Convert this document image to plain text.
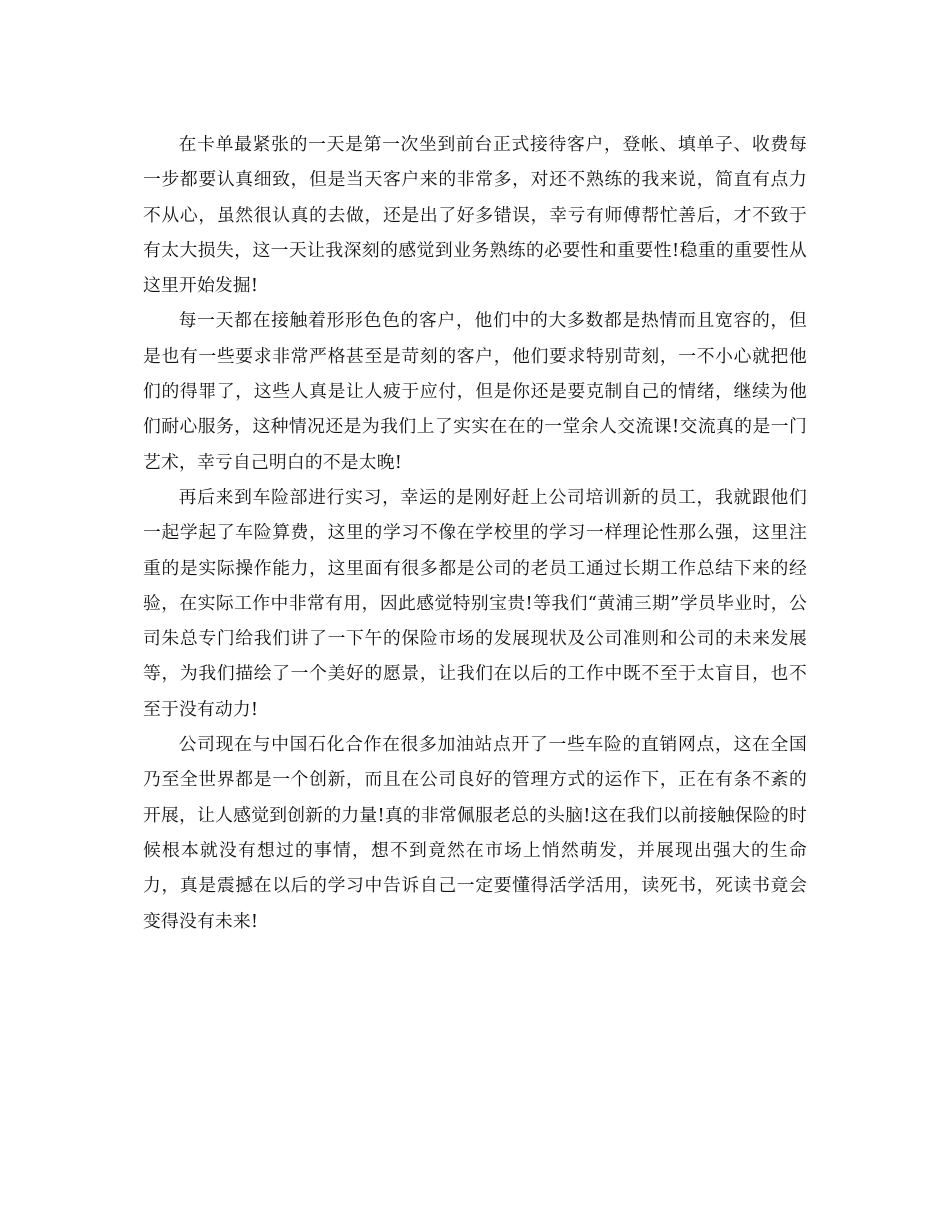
在卡单最紧张的一天是第一次坐到前台正式接待客户，登帐、填单子、收费每一步都要认真细致，但是当天客户来的非常多，对还不熟练的我来说，简直有点力不从心，虽然很认真的去做，还是出了好多错误，幸亏有师傅帮忙善后，才不致于有太大损失，这一天让我深刻的感觉到业务熟练的必要性和重要性!稳重的重要性从这里开始发掘!

每一天都在接触着形形色色的客户，他们中的大多数都是热情而且宽容的，但是也有一些要求非常严格甚至是苛刻的客户，他们要求特别苛刻，一不小心就把他们的得罪了，这些人真是让人疲于应付，但是你还是要克制自己的情绪，继续为他们耐心服务，这种情况还是为我们上了实实在在的一堂余人交流课!交流真的是一门艺术，幸亏自己明白的不是太晚!

再后来到车险部进行实习，幸运的是刚好赶上公司培训新的员工，我就跟他们一起学起了车险算费，这里的学习不像在学校里的学习一样理论性那么强，这里注重的是实际操作能力，这里面有很多都是公司的老员工通过长期工作总结下来的经验，在实际工作中非常有用，因此感觉特别宝贵!等我们“黄浦三期”学员毕业时，公司朱总专门给我们讲了一下午的保险市场的发展现状及公司准则和公司的未来发展等，为我们描绘了一个美好的愿景，让我们在以后的工作中既不至于太盲目，也不至于没有动力!

公司现在与中国石化合作在很多加油站点开了一些车险的直销网点，这在全国乃至全世界都是一个创新，而且在公司良好的管理方式的运作下，正在有条不紊的开展，让人感觉到创新的力量!真的非常佩服老总的头脑!这在我们以前接触保险的时候根本就没有想过的事情，想不到竟然在市场上悄然萌发，并展现出强大的生命力，真是震撼在以后的学习中告诉自己一定要懂得活学活用，读死书，死读书竟会变得没有未来!
